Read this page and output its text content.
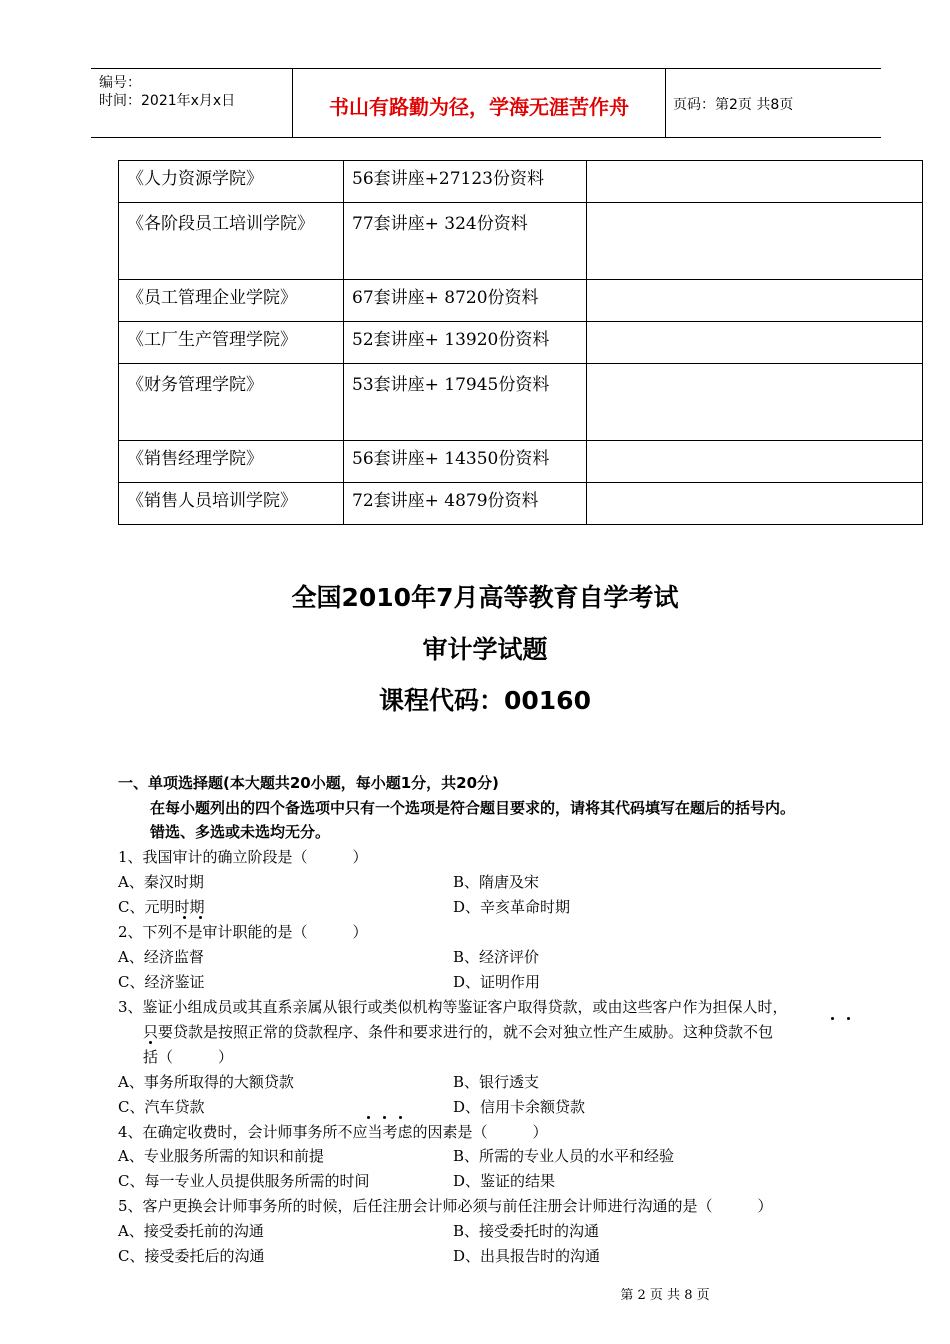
编号：
时间：2021年x月x日	书山有路勤为径，学海无涯苦作舟	页码：第2页 共8页
《人力资源学院》	56套讲座+27123份资料	

《各阶段员工培训学院》	77套讲座+ 324份资料	
《员工管理企业学院》	67套讲座+ 8720份资料	
《工厂生产管理学院》	52套讲座+ 13920份资料	
《财务管理学院》	53套讲座+ 17945份资料	

《销售经理学院》	56套讲座+ 14350份资料	
《销售人员培训学院》	72套讲座+ 4879份资料	
全国2010年7月高等教育自学考试
审计学试题
课程代码：00160
一、单项选择题(本大题共20小题，每小题1分，共20分)
在每小题列出的四个备选项中只有一个选项是符合题目要求的，请将其代码填写在题后的括号内。
错选、多选或未选均无分。
1、我国审计的确立阶段是（　　　）
A、秦汉时期	B、隋唐及宋
C、元明时期	D、辛亥革命时期
2、下列不是审计职能的是（　　　）
A、经济监督	B、经济评价
C、经济鉴证	D、证明作用
3、鉴证小组成员或其直系亲属从银行或类似机构等鉴证客户取得贷款，或由这些客户作为担保人时，
只要贷款是按照正常的贷款程序、条件和要求进行的，就不会对独立性产生威胁。这种贷款不包
括（　　　）
A、事务所取得的大额贷款	B、银行透支
C、汽车贷款	D、信用卡余额贷款
4、在确定收费时，会计师事务所不应当考虑的因素是（　　　）
A、专业服务所需的知识和前提	B、所需的专业人员的水平和经验
C、每一专业人员提供服务所需的时间	D、鉴证的结果
5、客户更换会计师事务所的时候，后任注册会计师必须与前任注册会计师进行沟通的是（　　　）
A、接受委托前的沟通	B、接受委托时的沟通
C、接受委托后的沟通	D、出具报告时的沟通
第 2 页 共 8 页
